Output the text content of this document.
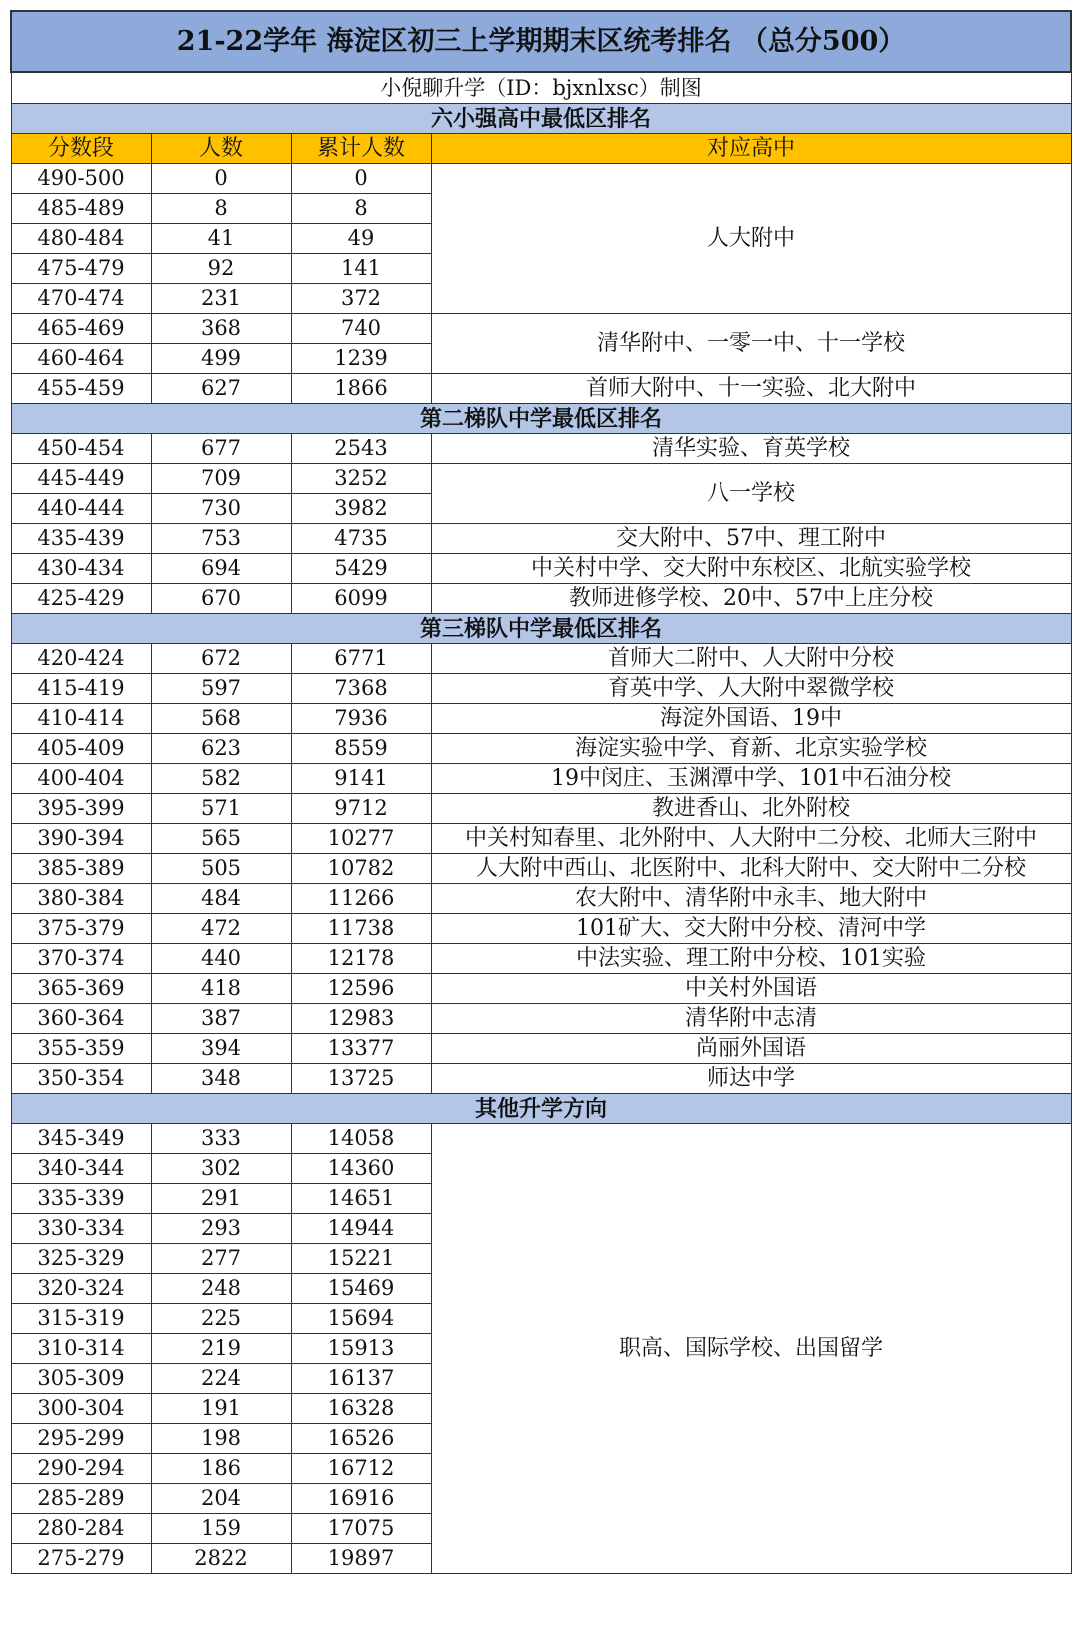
21-22学年 海淀区初三上学期期末区统考排名 （总分500）			
小倪聊升学（ID：bjxnlxsc）制图			
六小强高中最低区排名			
分数段	人数	累计人数	对应高中
490-500	0	0	人大附中
485-489	8	8	
480-484	41	49	
475-479	92	141	
470-474	231	372	
465-469	368	740	清华附中、一零一中、十一学校
460-464	499	1239	
455-459	627	1866	首师大附中、十一实验、北大附中
第二梯队中学最低区排名			
450-454	677	2543	清华实验、育英学校
445-449	709	3252	八一学校
440-444	730	3982	
435-439	753	4735	交大附中、57中、理工附中
430-434	694	5429	中关村中学、交大附中东校区、北航实验学校
425-429	670	6099	教师进修学校、20中、57中上庄分校
第三梯队中学最低区排名			
420-424	672	6771	首师大二附中、人大附中分校
415-419	597	7368	育英中学、人大附中翠微学校
410-414	568	7936	海淀外国语、19中
405-409	623	8559	海淀实验中学、育新、北京实验学校
400-404	582	9141	19中闵庄、玉渊潭中学、101中石油分校
395-399	571	9712	教进香山、北外附校
390-394	565	10277	中关村知春里、北外附中、人大附中二分校、北师大三附中
385-389	505	10782	人大附中西山、北医附中、北科大附中、交大附中二分校
380-384	484	11266	农大附中、清华附中永丰、地大附中
375-379	472	11738	101矿大、交大附中分校、清河中学
370-374	440	12178	中法实验、理工附中分校、101实验
365-369	418	12596	中关村外国语
360-364	387	12983	清华附中志清
355-359	394	13377	尚丽外国语
350-354	348	13725	师达中学
其他升学方向			
345-349	333	14058	职高、国际学校、出国留学
340-344	302	14360	
335-339	291	14651	
330-334	293	14944	
325-329	277	15221	
320-324	248	15469	
315-319	225	15694	
310-314	219	15913	
305-309	224	16137	
300-304	191	16328	
295-299	198	16526	
290-294	186	16712	
285-289	204	16916	
280-284	159	17075	
275-279	2822	19897	
